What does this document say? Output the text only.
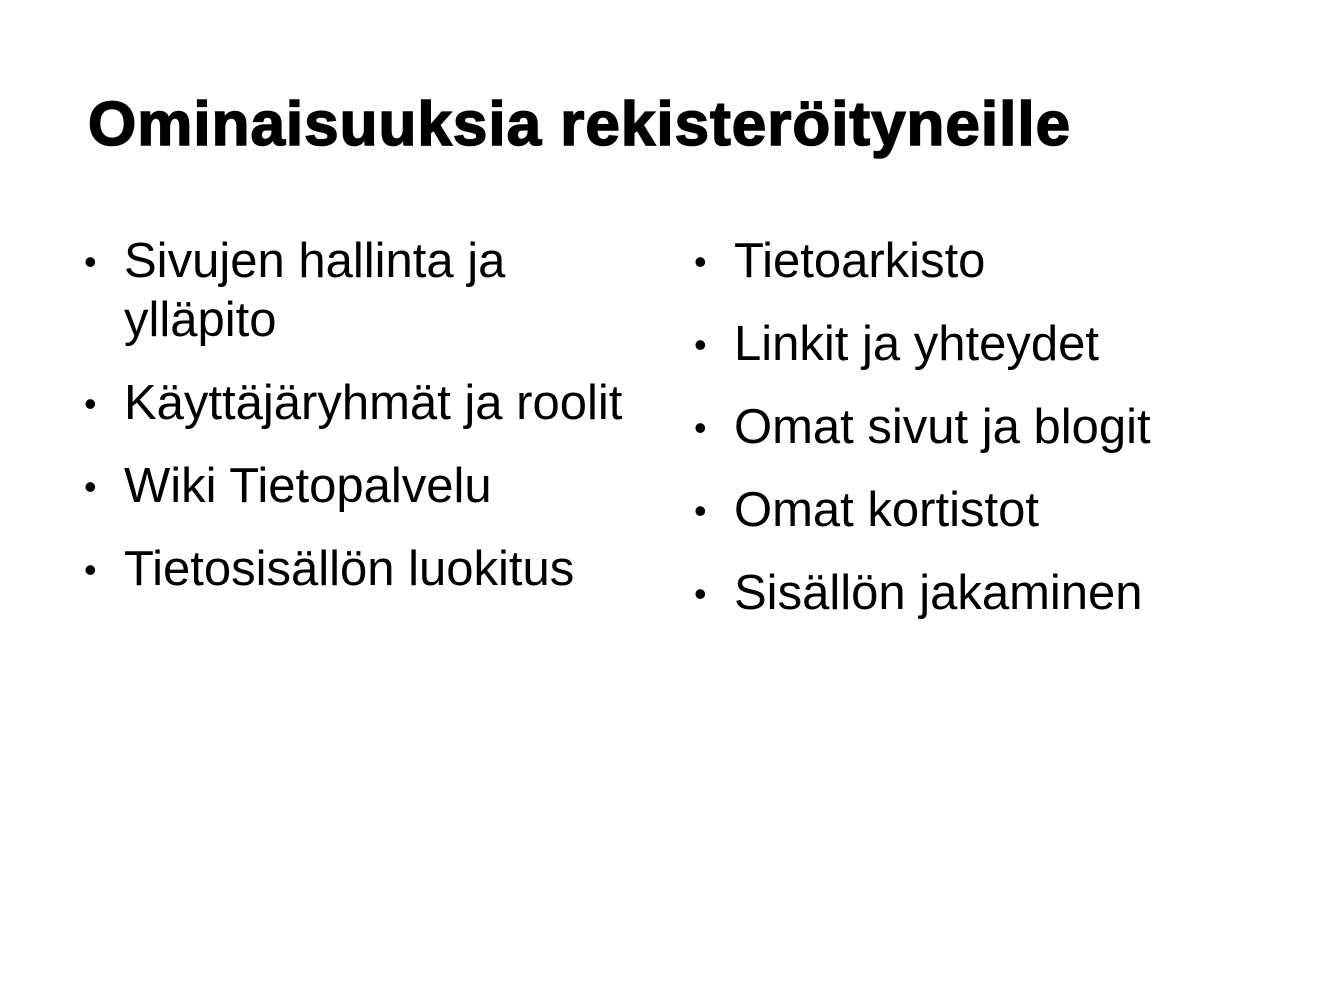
Ominaisuuksia rekisteröityneille
• Sivujen hallinta ja ylläpito
• Käyttäjäryhmät ja roolit
• Wiki Tietopalvelu
• Tietosisällön luokitus
• Tietoarkisto
• Linkit ja yhteydet
• Omat sivut ja blogit
• Omat kortistot
• Sisällön jakaminen
